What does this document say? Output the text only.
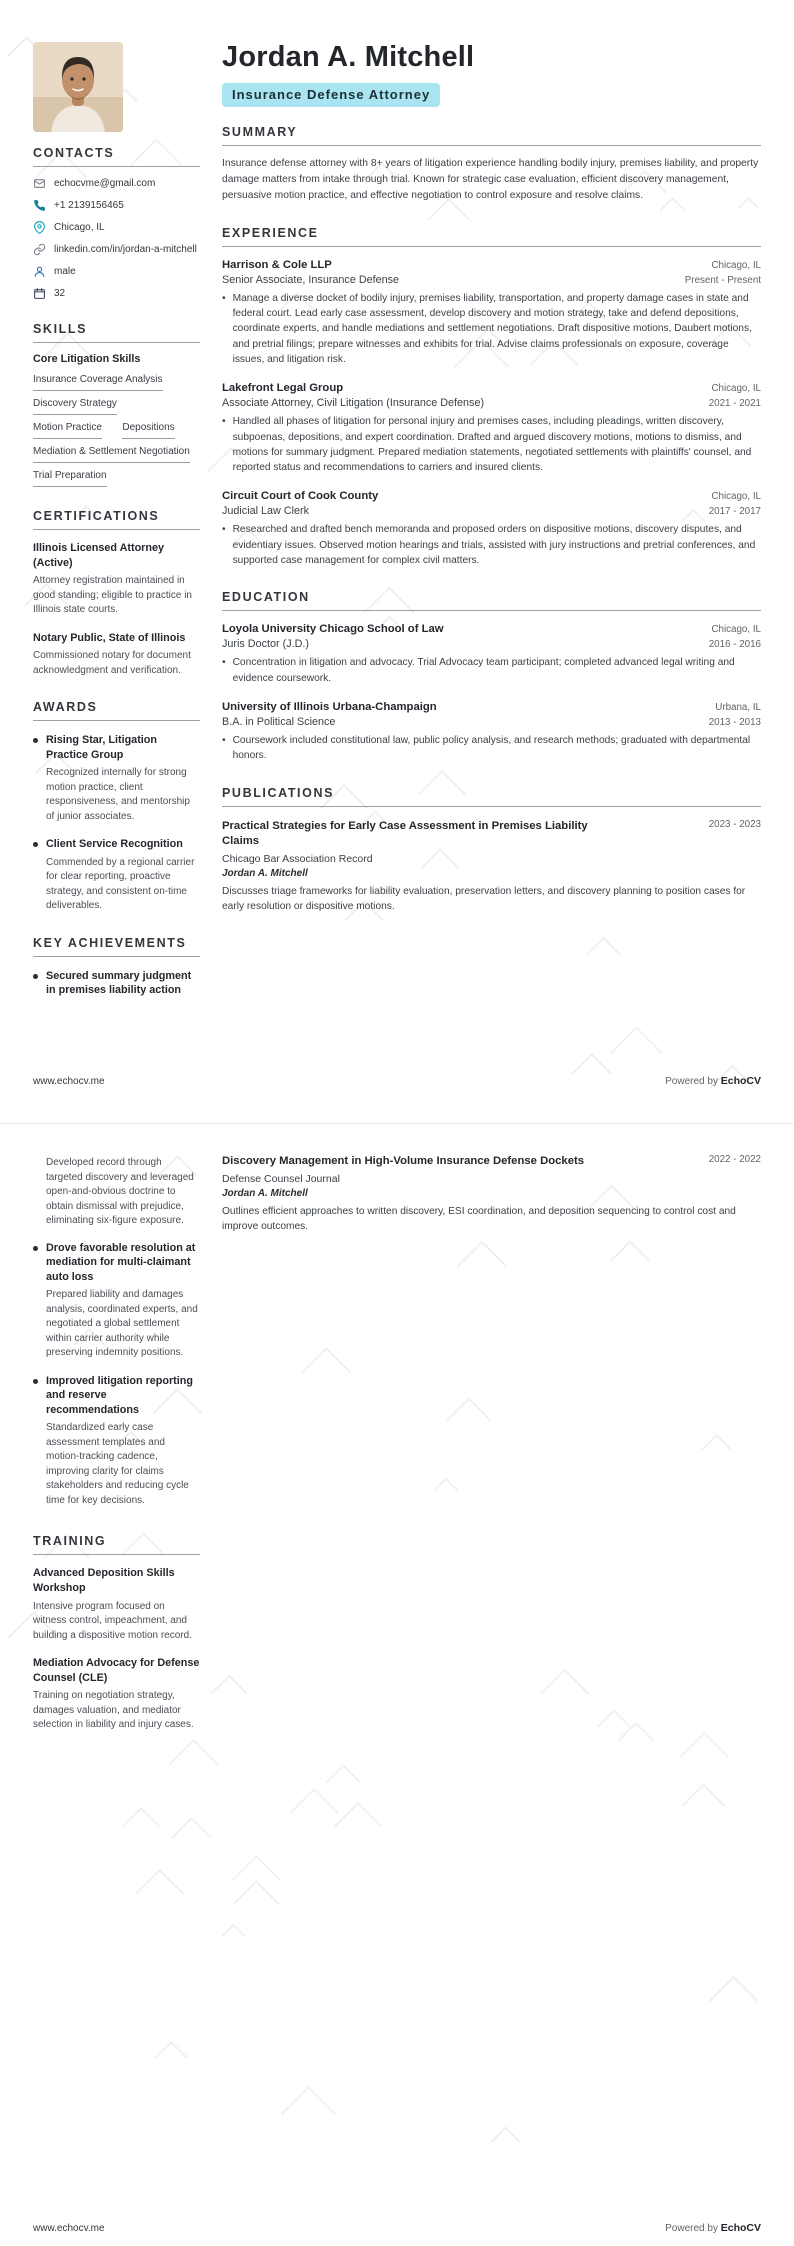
CONTACTS
echocvme@gmail.com
+1 2139156465
Chicago, IL
linkedin.com/in/jordan-a-mitchell
male
32
SKILLS
Core Litigation Skills
Insurance Coverage Analysis Discovery Strategy Motion Practice Depositions Mediation & Settlement Negotiation Trial Preparation
CERTIFICATIONS
Illinois Licensed Attorney (Active)
Attorney registration maintained in good standing; eligible to practice in Illinois state courts.
Notary Public, State of Illinois
Commissioned notary for document acknowledgment and verification.
AWARDS
Rising Star, Litigation Practice Group
Recognized internally for strong motion practice, client responsiveness, and mentorship of junior associates.
Client Service Recognition
Commended by a regional carrier for clear reporting, proactive strategy, and consistent on-time deliverables.
KEY ACHIEVEMENTS
Secured summary judgment in premises liability action
Jordan A. Mitchell
Insurance Defense Attorney
SUMMARY

Insurance defense attorney with 8+ years of litigation experience handling bodily injury, premises liability, and property damage matters from intake through trial. Known for strategic case evaluation, efficient discovery management, persuasive motion practice, and effective negotiation to control exposure and resolve claims.

EXPERIENCE
Harrison & Cole LLP	Chicago, IL
Senior Associate, Insurance Defense	Present - Present
• Manage a diverse docket of bodily injury, premises liability, transportation, and property damage cases in state and federal court. Lead early case assessment, develop discovery and motion strategy, take and defend depositions, coordinate experts, and handle mediations and settlement negotiations. Draft dispositive motions, Daubert motions, and pretrial filings; prepare witnesses and exhibits for trial. Advise claims professionals on exposure, coverage issues, and litigation risk.
Lakefront Legal Group	Chicago, IL
Associate Attorney, Civil Litigation (Insurance Defense)	2021 - 2021
• Handled all phases of litigation for personal injury and premises cases, including pleadings, written discovery, subpoenas, depositions, and expert coordination. Drafted and argued discovery motions, motions to dismiss, and motions for summary judgment. Prepared mediation statements, negotiated settlements with plaintiffs' counsel, and reported status and recommendations to carriers and insured clients.
Circuit Court of Cook County	Chicago, IL
Judicial Law Clerk	2017 - 2017
• Researched and drafted bench memoranda and proposed orders on dispositive motions, discovery disputes, and evidentiary issues. Observed motion hearings and trials, assisted with jury instructions and pretrial conferences, and supported case management for complex civil matters.
EDUCATION
Loyola University Chicago School of Law	Chicago, IL
Juris Doctor (J.D.)	2016 - 2016
• Concentration in litigation and advocacy. Trial Advocacy team participant; completed advanced legal writing and evidence coursework.
University of Illinois Urbana-Champaign	Urbana, IL
B.A. in Political Science	2013 - 2013
• Coursework included constitutional law, public policy analysis, and research methods; graduated with departmental honors.
PUBLICATIONS
Practical Strategies for Early Case Assessment in Premises Liability Claims
2023 - 2023
Chicago Bar Association Record
Jordan A. Mitchell
Discusses triage frameworks for liability evaluation, preservation letters, and discovery planning to position cases for early resolution or dispositive motions.
www.echocv.me	Powered by EchoCV
Developed record through targeted discovery and leveraged open-and-obvious doctrine to obtain dismissal with prejudice, eliminating six-figure exposure.
Drove favorable resolution at mediation for multi-claimant auto loss
Prepared liability and damages analysis, coordinated experts, and negotiated a global settlement within carrier authority while preserving indemnity positions.
Improved litigation reporting and reserve recommendations
Standardized early case assessment templates and motion-tracking cadence, improving clarity for claims stakeholders and reducing cycle time for key decisions.
TRAINING
Advanced Deposition Skills Workshop
Intensive program focused on witness control, impeachment, and building a dispositive motion record.
Mediation Advocacy for Defense Counsel (CLE)
Training on negotiation strategy, damages valuation, and mediator selection in liability and injury cases.
Discovery Management in High-Volume Insurance Defense Dockets	2022 - 2022
Defense Counsel Journal
Jordan A. Mitchell
Outlines efficient approaches to written discovery, ESI coordination, and deposition sequencing to control cost and improve outcomes.
www.echocv.me	Powered by EchoCV
